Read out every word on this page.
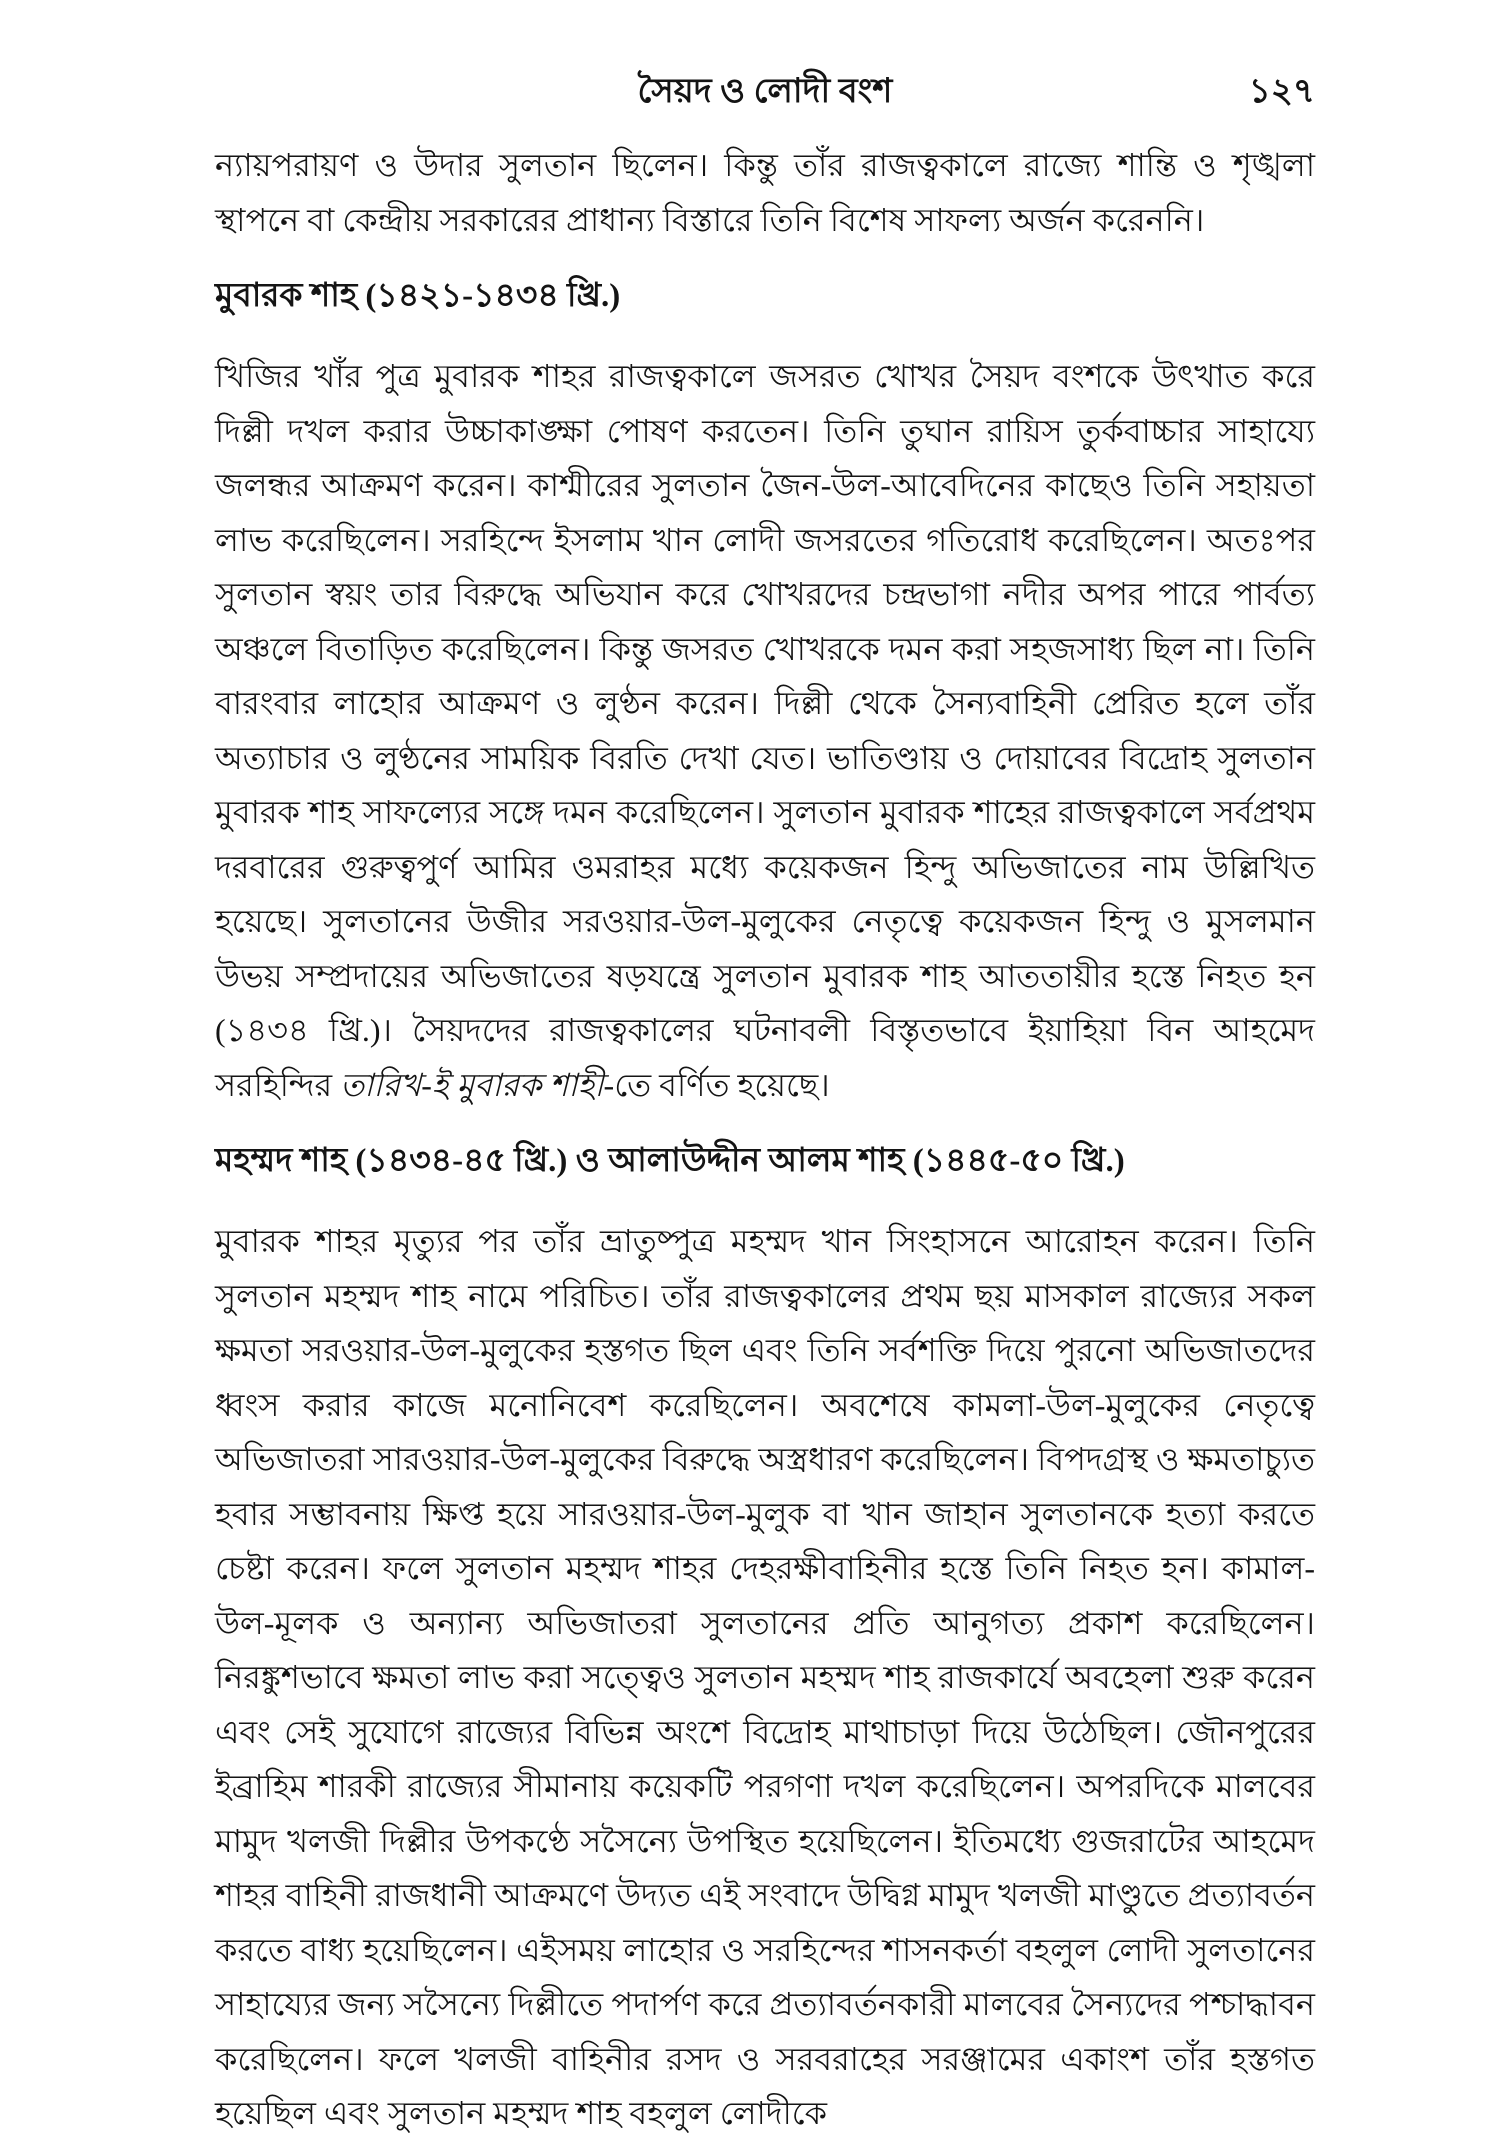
সৈয়দ ও লোদী বংশ	১২৭

ন্যায়পরায়ণ ও উদার সুলতান ছিলেন। কিন্তু তাঁর রাজত্বকালে রাজ্যে শান্তি ও শৃঙ্খলা স্থাপনে বা কেন্দ্রীয় সরকারের প্রাধান্য বিস্তারে তিনি বিশেষ সাফল্য অর্জন করেননি।

মুবারক শাহ (১৪২১-১৪৩৪ খ্রি.)

খিজির খাঁর পুত্র মুবারক শাহর রাজত্বকালে জসরত খোখর সৈয়দ বংশকে উৎখাত করে দিল্লী দখল করার উচ্চাকাঙ্ক্ষা পোষণ করতেন। তিনি তুঘান রায়িস তুর্কবাচ্চার সাহায্যে জলন্ধর আক্রমণ করেন। কাশ্মীরের সুলতান জৈন-উল-আবেদিনের কাছেও তিনি সহায়তা লাভ করেছিলেন। সরহিন্দে ইসলাম খান লোদী জসরতের গতিরোধ করেছিলেন। অতঃপর সুলতান স্বয়ং তার বিরুদ্ধে অভিযান করে খোখরদের চন্দ্রভাগা নদীর অপর পারে পার্বত্য অঞ্চলে বিতাড়িত করেছিলেন। কিন্তু জসরত খোখরকে দমন করা সহজসাধ্য ছিল না। তিনি বারংবার লাহোর আক্রমণ ও লুণ্ঠন করেন। দিল্লী থেকে সৈন্যবাহিনী প্রেরিত হলে তাঁর অত্যাচার ও লুণ্ঠনের সাময়িক বিরতি দেখা যেত। ভাতিণ্ডায় ও দোয়াবের বিদ্রোহ সুলতান মুবারক শাহ সাফল্যের সঙ্গে দমন করেছিলেন। সুলতান মুবারক শাহের রাজত্বকালে সর্বপ্রথম দরবারের গুরুত্বপুর্ণ আমির ওমরাহর মধ্যে কয়েকজন হিন্দু অভিজাতের নাম উল্লিখিত হয়েছে। সুলতানের উজীর সরওয়ার-উল-মুলুকের নেতৃত্বে কয়েকজন হিন্দু ও মুসলমান উভয় সম্প্রদায়ের অভিজাতের ষড়যন্ত্রে সুলতান মুবারক শাহ আততায়ীর হস্তে নিহত হন (১৪৩৪ খ্রি.)। সৈয়দদের রাজত্বকালের ঘটনাবলী বিস্তৃতভাবে ইয়াহিয়া বিন আহমেদ সরহিন্দির তারিখ-ই মুবারক শাহী-তে বর্ণিত হয়েছে।

মহম্মদ শাহ (১৪৩৪-৪৫ খ্রি.) ও আলাউদ্দীন আলম শাহ (১৪৪৫-৫০ খ্রি.)

মুবারক শাহর মৃত্যুর পর তাঁর ভ্রাতুষ্পুত্র মহম্মদ খান সিংহাসনে আরোহন করেন। তিনি সুলতান মহম্মদ শাহ নামে পরিচিত। তাঁর রাজত্বকালের প্রথম ছয় মাসকাল রাজ্যের সকল ক্ষমতা সরওয়ার-উল-মুলুকের হস্তগত ছিল এবং তিনি সর্বশক্তি দিয়ে পুরনো অভিজাতদের ধ্বংস করার কাজে মনোনিবেশ করেছিলেন। অবশেষে কামলা-উল-মুলুকের নেতৃত্বে অভিজাতরা সারওয়ার-উল-মুলুকের বিরুদ্ধে অস্ত্রধারণ করেছিলেন। বিপদগ্রস্থ ও ক্ষমতাচ্যুত হবার সম্ভাবনায় ক্ষিপ্ত হয়ে সারওয়ার-উল-মুলুক বা খান জাহান সুলতানকে হত্যা করতে চেষ্টা করেন। ফলে সুলতান মহম্মদ শাহর দেহরক্ষীবাহিনীর হস্তে তিনি নিহত হন। কামাল-উল-মূলক ও অন্যান্য অভিজাতরা সুলতানের প্রতি আনুগত্য প্রকাশ করেছিলেন। নিরঙ্কুশভাবে ক্ষমতা লাভ করা সত্ত্বেও সুলতান মহম্মদ শাহ রাজকার্যে অবহেলা শুরু করেন এবং সেই সুযোগে রাজ্যের বিভিন্ন অংশে বিদ্রোহ মাথাচাড়া দিয়ে উঠেছিল। জৌনপুরের ইব্রাহিম শারকী রাজ্যের সীমানায় কয়েকটি পরগণা দখল করেছিলেন। অপরদিকে মালবের মামুদ খলজী দিল্লীর উপকণ্ঠে সসৈন্যে উপস্থিত হয়েছিলেন। ইতিমধ্যে গুজরাটের আহমেদ শাহর বাহিনী রাজধানী আক্রমণে উদ্যত এই সংবাদে উদ্বিগ্ন মামুদ খলজী মাণ্ডুতে প্রত্যাবর্তন করতে বাধ্য হয়েছিলেন। এইসময় লাহোর ও সরহিন্দের শাসনকর্তা বহলুল লোদী সুলতানের সাহায্যের জন্য সসৈন্যে দিল্লীতে পদার্পণ করে প্রত্যাবর্তনকারী মালবের সৈন্যদের পশ্চাদ্ধাবন করেছিলেন। ফলে খলজী বাহিনীর রসদ ও সরবরাহের সরঞ্জামের একাংশ তাঁর হস্তগত হয়েছিল এবং সুলতান মহম্মদ শাহ বহলুল লোদীকে
